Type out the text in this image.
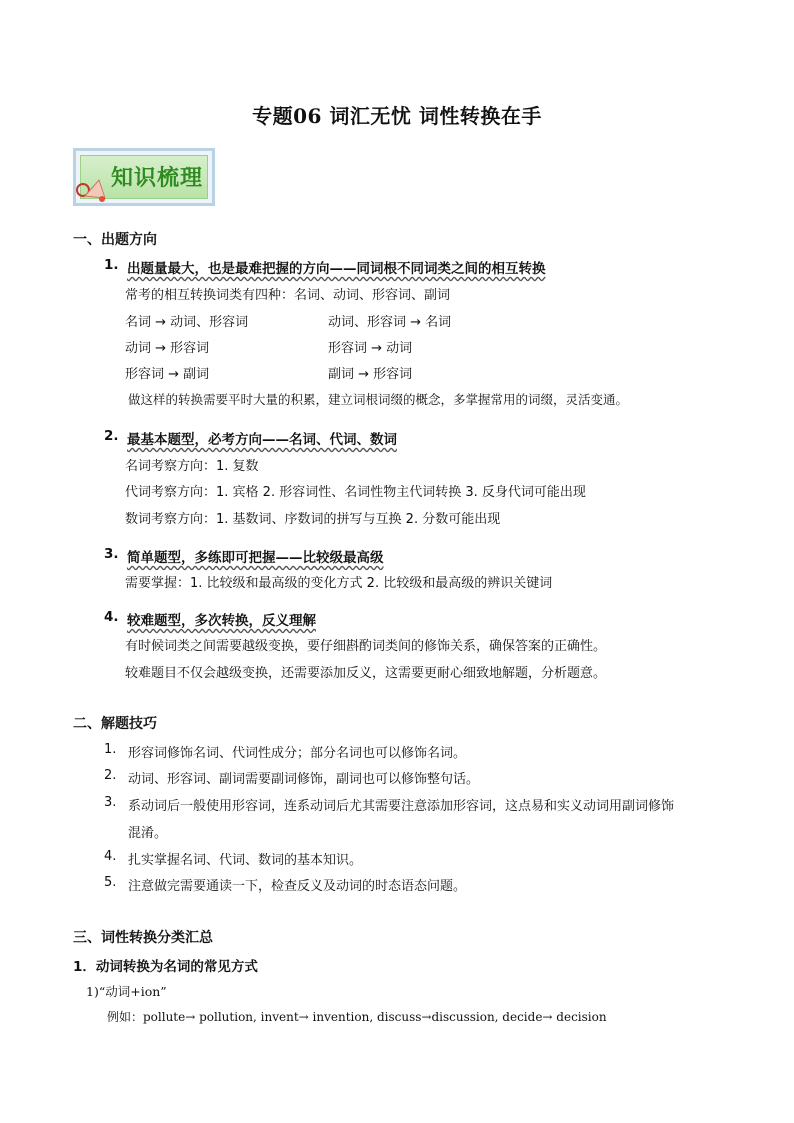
专题06 词汇无忧 词性转换在手
知识梳理
一、出题方向
1. 出题量最大，也是最难把握的方向——同词根不同词类之间的相互转换
常考的相互转换词类有四种：名词、动词、形容词、副词
名词 → 动词、形容词	动词、形容词 → 名词
动词 → 形容词	形容词 → 动词
形容词 → 副词	副词 → 形容词
做这样的转换需要平时大量的积累，建立词根词缀的概念，多掌握常用的词缀，灵活变通。
2. 最基本题型，必考方向——名词、代词、数词
名词考察方向：1. 复数
代词考察方向：1. 宾格 2. 形容词性、名词性物主代词转换 3. 反身代词可能出现
数词考察方向：1. 基数词、序数词的拼写与互换 2. 分数可能出现
3. 简单题型，多练即可把握——比较级最高级
需要掌握：1. 比较级和最高级的变化方式 2. 比较级和最高级的辨识关键词
4. 较难题型，多次转换，反义理解
有时候词类之间需要越级变换，要仔细斟酌词类间的修饰关系，确保答案的正确性。
较难题目不仅会越级变换，还需要添加反义，这需要更耐心细致地解题，分析题意。
二、解题技巧
1. 形容词修饰名词、代词性成分；部分名词也可以修饰名词。
2. 动词、形容词、副词需要副词修饰，副词也可以修饰整句话。
3. 系动词后一般使用形容词，连系动词后尤其需要注意添加形容词，这点易和实义动词用副词修饰
混淆。
4. 扎实掌握名词、代词、数词的基本知识。
5. 注意做完需要通读一下，检查反义及动词的时态语态问题。
三、词性转换分类汇总
1．动词转换为名词的常见方式
1)“动词+ion”
例如：pollute→ pollution, invent→ invention, discuss→discussion, decide→ decision
